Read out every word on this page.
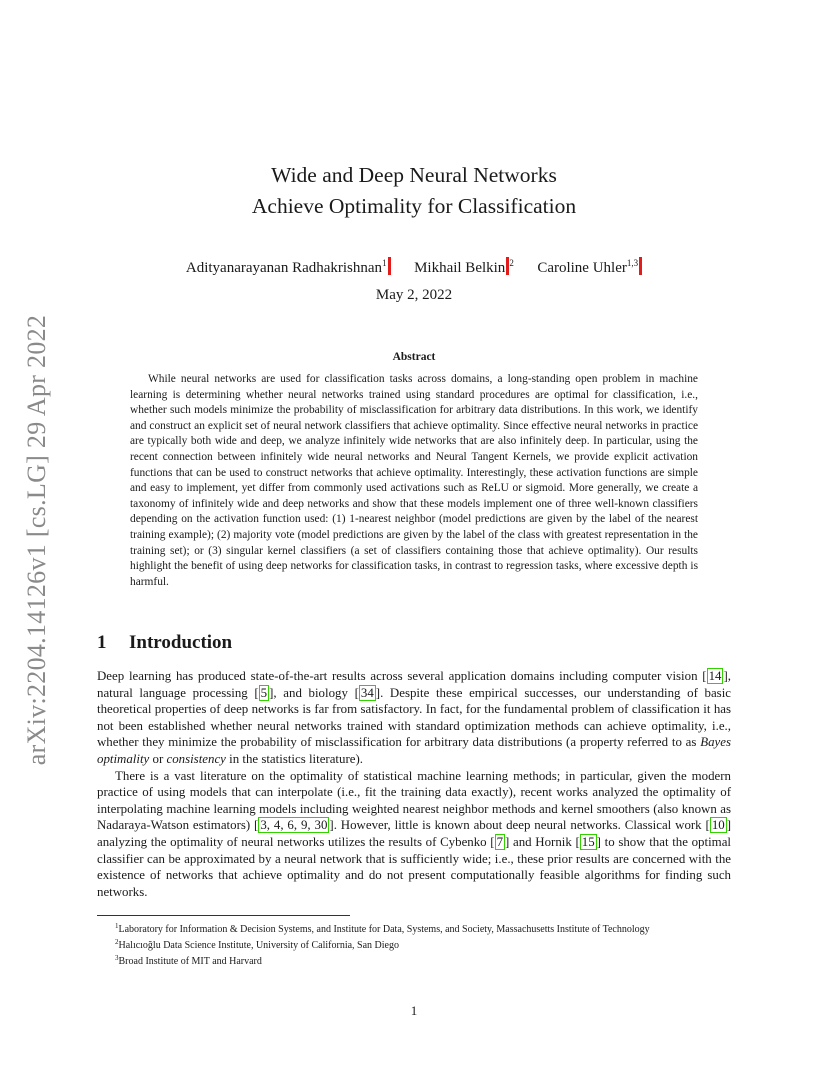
arXiv:2204.14126v1 [cs.LG] 29 Apr 2022
Wide and Deep Neural Networks
Achieve Optimality for Classification
Adityanarayanan Radhakrishnan$^1$ Mikhail Belkin $^2$ Caroline Uhler$^{1,3}$
May 2, 2022
Abstract
While neural networks are used for classification tasks across domains, a long-standing open problem in machine learning is determining whether neural networks trained using standard procedures are optimal for classification, i.e., whether such models minimize the probability of misclassification for arbitrary data distributions. In this work, we identify and construct an explicit set of neural network classifiers that achieve optimality. Since effective neural networks in practice are typically both wide and deep, we analyze infinitely wide networks that are also infinitely deep. In particular, using the recent connection between infinitely wide neural networks and Neural Tangent Kernels, we provide explicit activation functions that can be used to construct networks that achieve optimality. Interestingly, these activation functions are simple and easy to implement, yet differ from commonly used activations such as ReLU or sigmoid. More generally, we create a taxonomy of infinitely wide and deep networks and show that these models implement one of three well-known classifiers depending on the activation function used: (1) 1-nearest neighbor (model predictions are given by the label of the nearest training example); (2) majority vote (model predictions are given by the label of the class with greatest representation in the training set); or (3) singular kernel classifiers (a set of classifiers containing those that achieve optimality). Our results highlight the benefit of using deep networks for classification tasks, in contrast to regression tasks, where excessive depth is harmful.
1 Introduction

Deep learning has produced state-of-the-art results across several application domains including computer vision [ 14 ], natural language processing [ 5 ], and biology [ 34 ]. Despite these empirical successes, our understanding of basic theoretical properties of deep networks is far from satisfactory. In fact, for the fundamental problem of classification it has not been established whether neural networks trained with standard optimization methods can achieve optimality, i.e., whether they minimize the probability of misclassification for arbitrary data distributions (a property referred to as Bayes optimality or consistency in the statistics literature).

There is a vast literature on the optimality of statistical machine learning methods; in particular, given the modern practice of using models that can interpolate (i.e., fit the training data exactly), recent works analyzed the optimality of interpolating machine learning models including weighted nearest neighbor methods and kernel smoothers (also known as Nadaraya-Watson estimators) [ 3, 4, 6, 9, 30 ]. However, little is known about deep neural networks. Classical work [ 10 ] analyzing the optimality of neural networks utilizes the results of Cybenko [ 7 ] and Hornik [ 15 ] to show that the optimal classifier can be approximated by a neural network that is sufficiently wide; i.e., these prior results are concerned with the existence of networks that achieve optimality and do not present computationally feasible algorithms for finding such networks.

$^1$Laboratory for Information & Decision Systems, and Institute for Data, Systems, and Society, Massachusetts Institute of Technology
$^2$Halıcıoğlu Data Science Institute, University of California, San Diego
$^3$Broad Institute of MIT and Harvard
1
